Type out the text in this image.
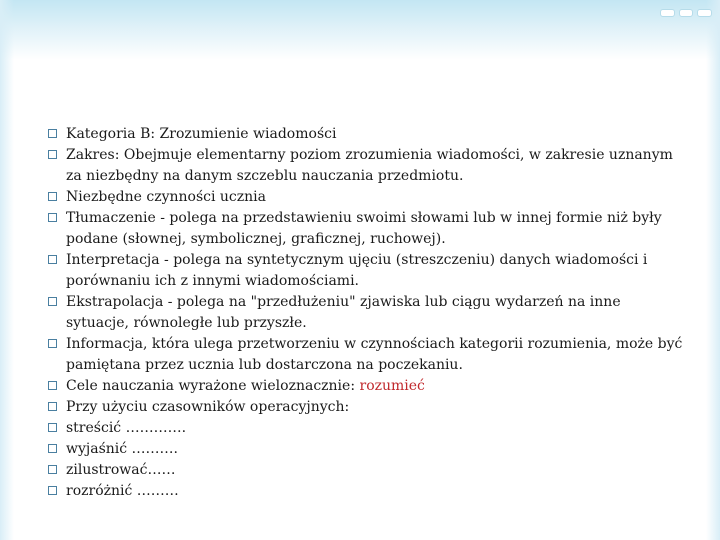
Kategoria B: Zrozumienie wiadomości
Zakres: Obejmuje elementarny poziom zrozumienia wiadomości, w zakresie uznanym za niezbędny na danym szczeblu nauczania przedmiotu.
Niezbędne czynności ucznia
Tłumaczenie - polega na przedstawieniu swoimi słowami lub w innej formie niż były podane (słownej, symbolicznej, graficznej, ruchowej).
Interpretacja - polega na syntetycznym ujęciu (streszczeniu) danych wiadomości i porównaniu ich z innymi wiadomościami.
Ekstrapolacja - polega na "przedłużeniu" zjawiska lub ciągu wydarzeń na inne sytuacje, równoległe lub przyszłe.
Informacja, która ulega przetworzeniu w czynnościach kategorii rozumienia, może być pamiętana przez ucznia lub dostarczona na poczekaniu.
Cele nauczania wyrażone wieloznacznie: rozumieć
Przy użyciu czasowników operacyjnych:
streścić ………….
wyjaśnić ……….
zilustrować……
rozróżnić ………
